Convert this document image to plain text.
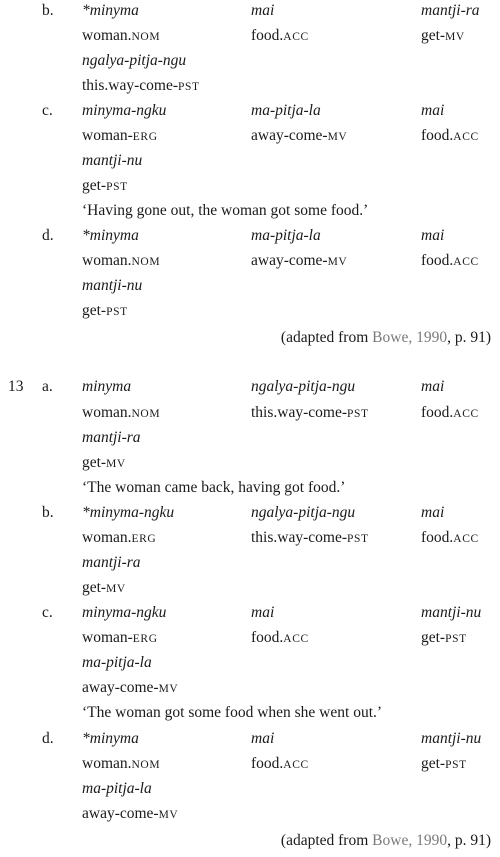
b. *minyma	mai	mantji-ra
woman.NOM	food.ACC	get-MV
ngalya-pitja-ngu
this.way-come-PST
c. minyma-ngku	ma-pitja-la	mai
woman-ERG	away-come-MV	food.ACC
mantji-nu
get-PST
‘Having gone out, the woman got some food.’
d. *minyma	ma-pitja-la	mai
woman.NOM	away-come-MV	food.ACC
mantji-nu
get-PST
(adapted from Bowe, 1990, p. 91)
13 a. minyma	ngalya-pitja-ngu	mai
woman.NOM	this.way-come-PST	food.ACC
mantji-ra
get-MV
‘The woman came back, having got food.’
b. *minyma-ngku	ngalya-pitja-ngu	mai
woman.ERG	this.way-come-PST	food.ACC
mantji-ra
get-MV
c. minyma-ngku	mai	mantji-nu
woman-ERG	food.ACC	get-PST
ma-pitja-la
away-come-MV
‘The woman got some food when she went out.’
d. *minyma	mai	mantji-nu
woman.NOM	food.ACC	get-PST
ma-pitja-la
away-come-MV
(adapted from Bowe, 1990, p. 91)
